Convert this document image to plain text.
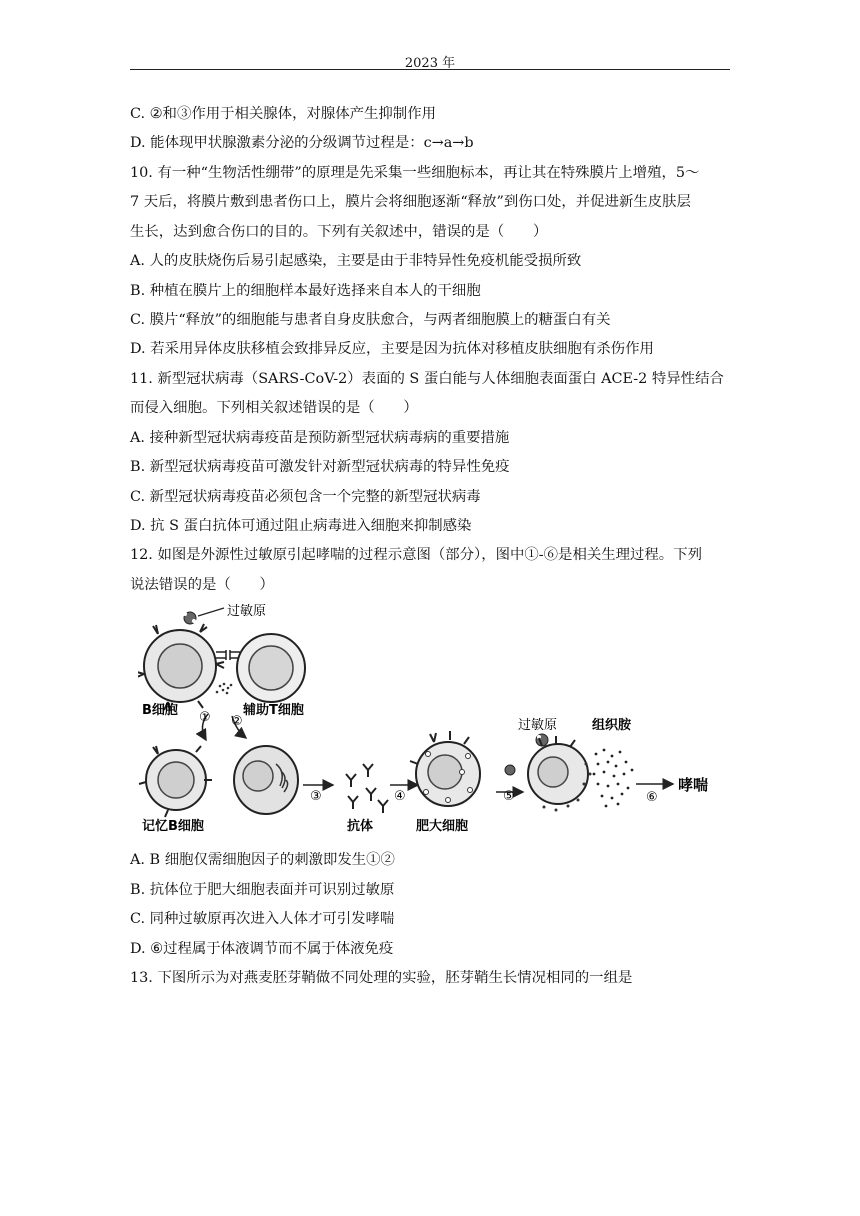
2023 年
C. ②和③作用于相关腺体，对腺体产生抑制作用
D. 能体现甲状腺激素分泌的分级调节过程是：c→a→b
10. 有一种“生物活性绷带”的原理是先采集一些细胞标本，再让其在特殊膜片上增殖，5～
7 天后，将膜片敷到患者伤口上，膜片会将细胞逐渐“释放”到伤口处，并促进新生皮肤层
生长，达到愈合伤口的目的。下列有关叙述中，错误的是（　　）
A. 人的皮肤烧伤后易引起感染，主要是由于非特异性免疫机能受损所致
B. 种植在膜片上的细胞样本最好选择来自本人的干细胞
C. 膜片“释放”的细胞能与患者自身皮肤愈合，与两者细胞膜上的糖蛋白有关
D. 若采用异体皮肤移植会致排异反应，主要是因为抗体对移植皮肤细胞有杀伤作用
11. 新型冠状病毒（SARS-CoV-2）表面的 S 蛋白能与人体细胞表面蛋白 ACE-2 特异性结合
而侵入细胞。下列相关叙述错误的是（　　）
A. 接种新型冠状病毒疫苗是预防新型冠状病毒病的重要措施
B. 新型冠状病毒疫苗可激发针对新型冠状病毒的特异性免疫
C. 新型冠状病毒疫苗必须包含一个完整的新型冠状病毒
D. 抗 S 蛋白抗体可通过阻止病毒进入细胞来抑制感染
12. 如图是外源性过敏原引起哮喘的过程示意图（部分），图中①-⑥是相关生理过程。下列
说法错误的是（　　）
过敏原
B细胞	辅助T细胞
① ②
记忆B细胞
③
抗体
④
肥大细胞
⑤
过敏原	组织胺
⑥
哮喘
A. B 细胞仅需细胞因子的刺激即发生①②
B. 抗体位于肥大细胞表面并可识别过敏原
C. 同种过敏原再次进入人体才可引发哮喘
D. ⑥过程属于体液调节而不属于体液免疫
13. 下图所示为对燕麦胚芽鞘做不同处理的实验，胚芽鞘生长情况相同的一组是
